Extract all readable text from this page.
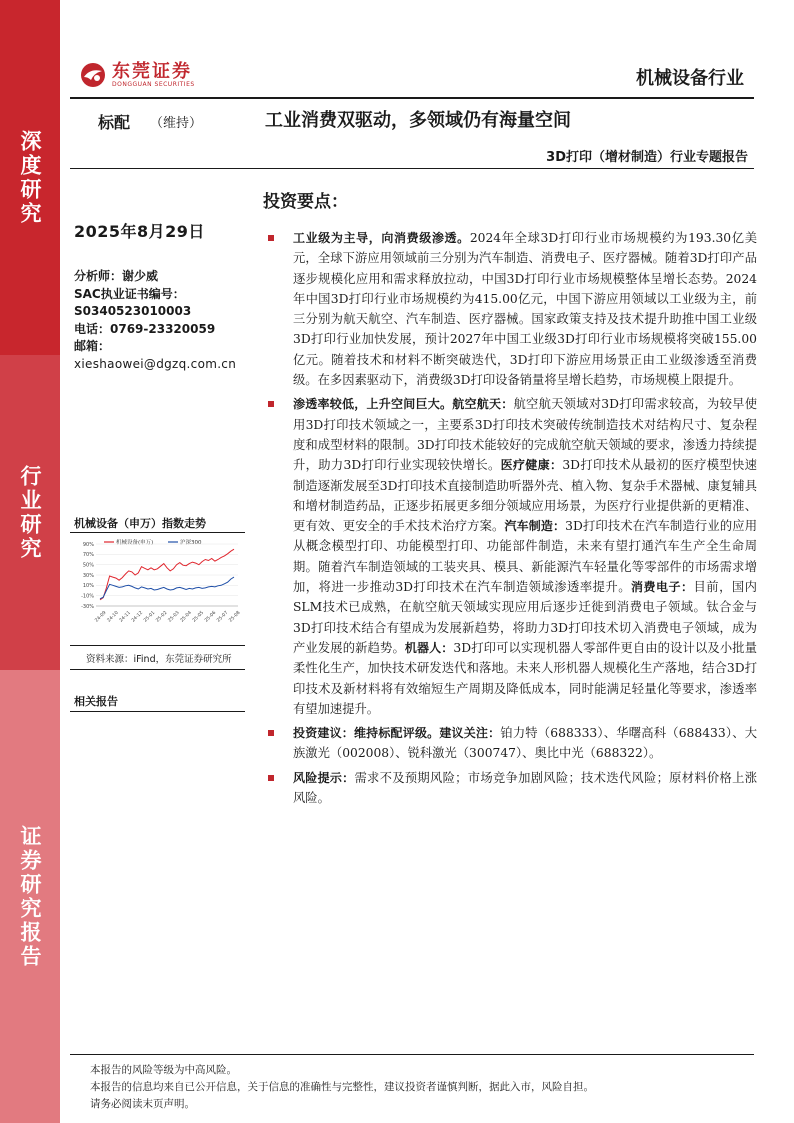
深度研究
行业研究
证券研究报告
东莞证券
DONGGUAN SECURITIES	机械设备行业
标配 （维持）	工业消费双驱动，多领域仍有海量空间
3D打印（增材制造）行业专题报告
投资要点：
2025年8月29日
分析师：谢少威
SAC执业证书编号：
S0340523010003
电话：0769-23320059
邮箱：
xieshaowei@dgzq.com.cn
机械设备（申万）指数走势
机械设备(申万)	沪深300
90%
70%
50%
30%
10%
-10%
-30%
24-09 24-10 24-11 24-12 25-01 25-02 25-03 25-04 25-05 25-06 25-07 25-08
资料来源：iFind，东莞证券研究所
相关报告
工业级为主导，向消费级渗透。2024年全球3D打印行业市场规模约为193.30亿美元，全球下游应用领域前三分别为汽车制造、消费电子、医疗器械。随着3D打印产品逐步规模化应用和需求释放拉动，中国3D打印行业市场规模整体呈增长态势。2024年中国3D打印行业市场规模约为415.00亿元，中国下游应用领域以工业级为主，前三分别为航天航空、汽车制造、医疗器械。国家政策支持及技术提升助推中国工业级3D打印行业加快发展，预计2027年中国工业级3D打印行业市场规模将突破155.00亿元。随着技术和材料不断突破迭代，3D打印下游应用场景正由工业级渗透至消费级。在多因素驱动下，消费级3D打印设备销量将呈增长趋势，市场规模上限提升。
渗透率较低，上升空间巨大。航空航天：航空航天领域对3D打印需求较高，为较早使用3D打印技术领域之一，主要系3D打印技术突破传统制造技术对结构尺寸、复杂程度和成型材料的限制。3D打印技术能较好的完成航空航天领域的要求，渗透力持续提升，助力3D打印行业实现较快增长。医疗健康：3D打印技术从最初的医疗模型快速制造逐渐发展至3D打印技术直接制造助听器外壳、植入物、复杂手术器械、康复辅具和增材制造药品，正逐步拓展更多细分领域应用场景，为医疗行业提供新的更精准、更有效、更安全的手术技术治疗方案。汽车制造：3D打印技术在汽车制造行业的应用从概念模型打印、功能模型打印、功能部件制造，未来有望打通汽车生产全生命周期。随着汽车制造领域的工装夹具、模具、新能源汽车轻量化等零部件的市场需求增加，将进一步推动3D打印技术在汽车制造领域渗透率提升。消费电子：目前，国内SLM技术已成熟，在航空航天领域实现应用后逐步迁徙到消费电子领域。钛合金与3D打印技术结合有望成为发展新趋势，将助力3D打印技术切入消费电子领域，成为产业发展的新趋势。机器人：3D打印可以实现机器人零部件更自由的设计以及小批量柔性化生产，加快技术研发迭代和落地。未来人形机器人规模化生产落地，结合3D打印技术及新材料将有效缩短生产周期及降低成本，同时能满足轻量化等要求，渗透率有望加速提升。
投资建议：维持标配评级。建议关注：铂力特（688333）、华曙高科（688433）、大族激光（002008）、锐科激光（300747）、奥比中光（688322）。
风险提示：需求不及预期风险；市场竞争加剧风险；技术迭代风险；原材料价格上涨风险。
本报告的风险等级为中高风险。
本报告的信息均来自已公开信息，关于信息的准确性与完整性，建议投资者谨慎判断，据此入市，风险自担。
请务必阅读末页声明。
